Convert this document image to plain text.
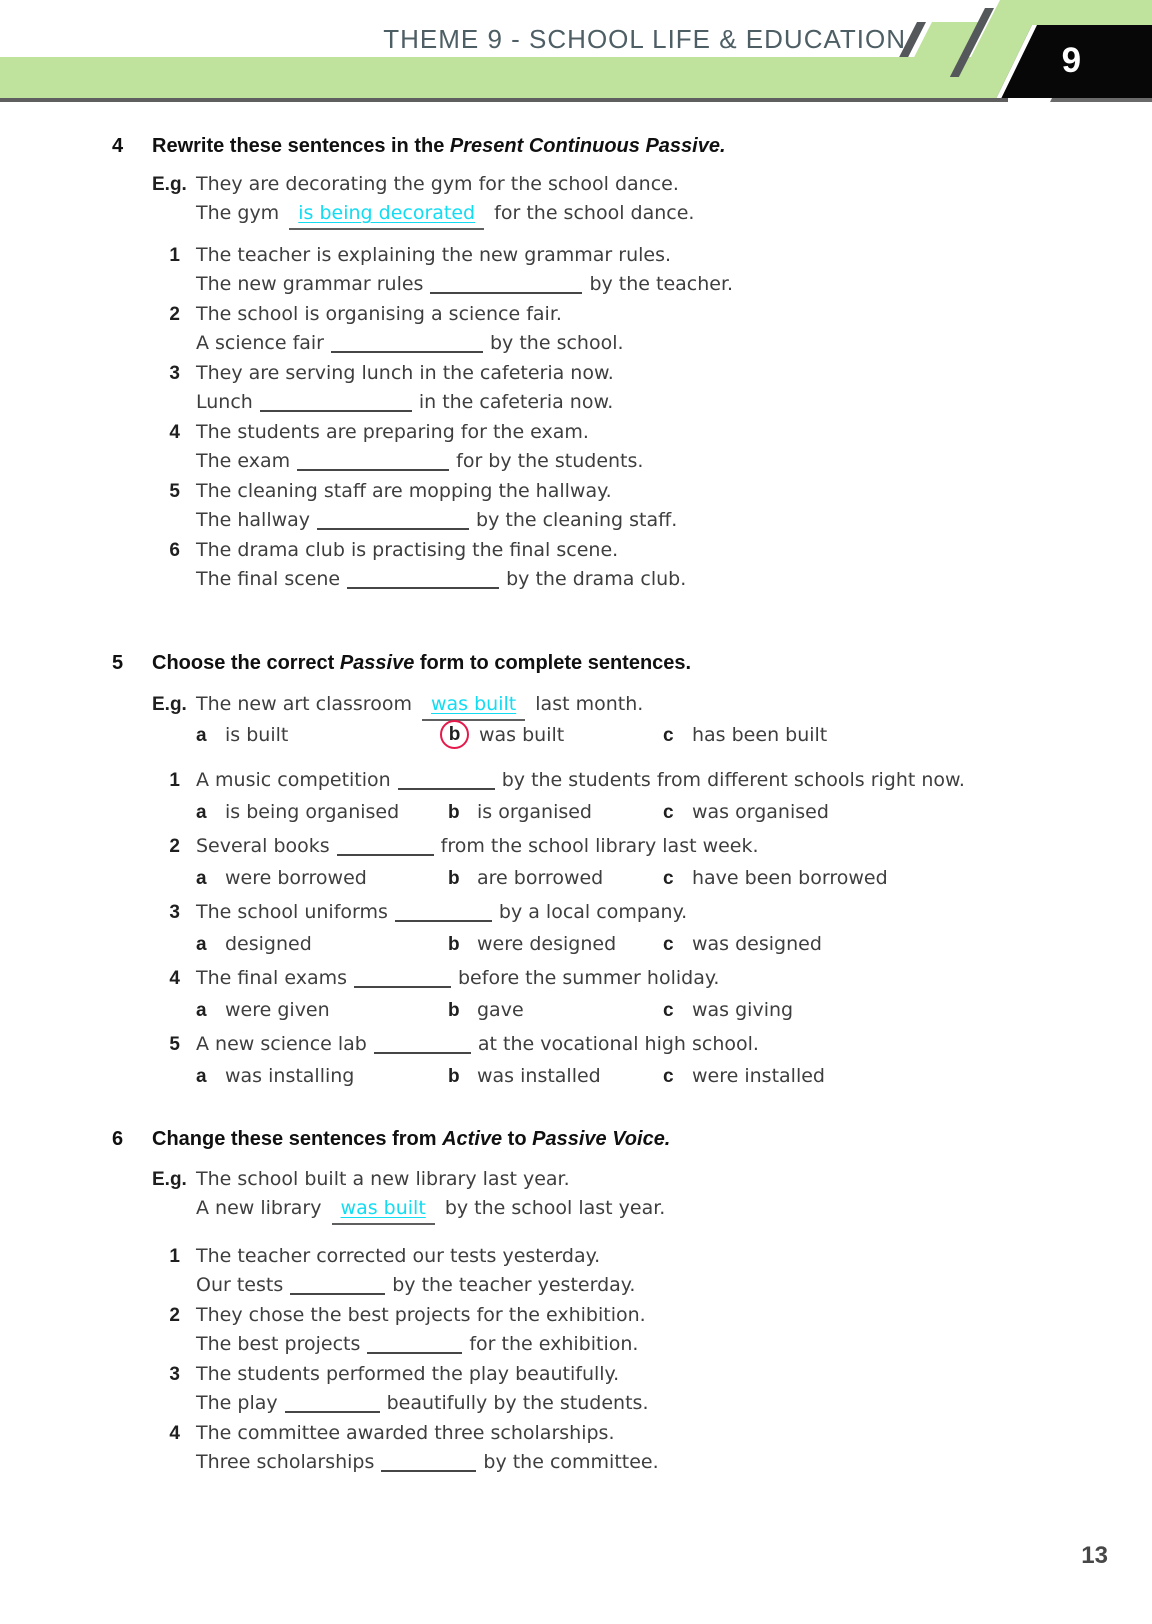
THEME 9 - SCHOOL LIFE & EDUCATION
9
4	Rewrite these sentences in the Present Continuous Passive.
E.g. They are decorating the gym for the school dance.
The gym is being decorated for the school dance.
1 The teacher is explaining the new grammar rules.
The new grammar rules	by the teacher.
2 The school is organising a science fair.
A science fair	by the school.
3 They are serving lunch in the cafeteria now.
Lunch	in the cafeteria now.
4 The students are preparing for the exam.
The exam	for by the students.
5 The cleaning staff are mopping the hallway.
The hallway	by the cleaning staff.
6 The drama club is practising the final scene.
The final scene	by the drama club.
5	Choose the correct Passive form to complete sentences.
E.g. The new art classroom was built last month.
a is built	b was built	c has been built
1 A music competition	by the students from different schools right now.
a is being organised	b is organised	c was organised
2 Several books	from the school library last week.
a were borrowed	b are borrowed	c have been borrowed
3 The school uniforms	by a local company.
a designed	b were designed c was designed
4 The final exams	before the summer holiday.
a were given	b gave	c was giving
5 A new science lab	at the vocational high school.
a was installing	b was installed	c were installed
6	Change these sentences from Active to Passive Voice.
E.g. The school built a new library last year.
A new library was built by the school last year.
1 The teacher corrected our tests yesterday.
Our tests	by the teacher yesterday.
2 They chose the best projects for the exhibition.
The best projects	for the exhibition.
3 The students performed the play beautifully.
The play	beautifully by the students.
4 The committee awarded three scholarships.
Three scholarships	by the committee.
13
